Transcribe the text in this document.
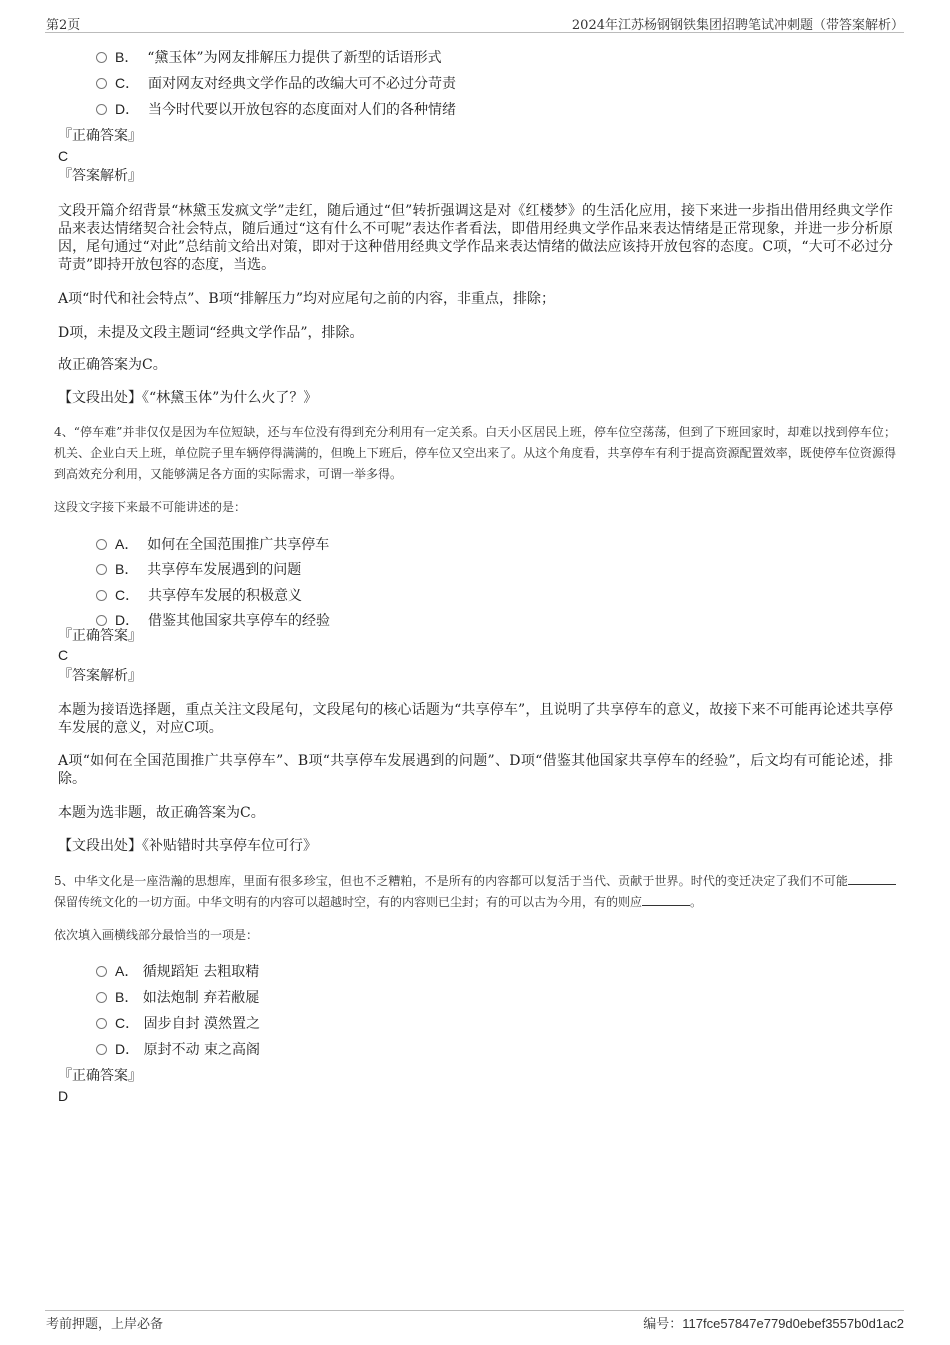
第2页	2024年江苏杨钢钢铁集团招聘笔试冲刺题（带答案解析）
B． “黛玉体”为网友排解压力提供了新型的话语形式
C． 面对网友对经典文学作品的改编大可不必过分苛责
D． 当今时代要以开放包容的态度面对人们的各种情绪
『正确答案』
C
『答案解析』
文段开篇介绍背景“林黛玉发疯文学”走红，随后通过“但”转折强调这是对《红楼梦》的生活化应用，接下来进一步指出借用经典文学作品来表达情绪契合社会特点，随后通过“这有什么不可呢”表达作者看法，即借用经典文学作品来表达情绪是正常现象，并进一步分析原因，尾句通过“对此”总结前文给出对策，即对于这种借用经典文学作品来表达情绪的做法应该持开放包容的态度。C项，“大可不必过分苛责”即持开放包容的态度，当选。
A项“时代和社会特点”、B项“排解压力”均对应尾句之前的内容，非重点，排除；
D项，未提及文段主题词“经典文学作品”，排除。
故正确答案为C。
【文段出处】《“林黛玉体”为什么火了？》
4、“停车难”并非仅仅是因为车位短缺，还与车位没有得到充分利用有一定关系。白天小区居民上班，停车位空荡荡，但到了下班回家时，却难以找到停车位；机关、企业白天上班，单位院子里车辆停得满满的，但晚上下班后，停车位又空出来了。从这个角度看，共享停车有利于提高资源配置效率，既使停车位资源得到高效充分利用，又能够满足各方面的实际需求，可谓一举多得。
这段文字接下来最不可能讲述的是：
A． 如何在全国范围推广共享停车
B． 共享停车发展遇到的问题
C． 共享停车发展的积极意义
D． 借鉴其他国家共享停车的经验
『正确答案』
C
『答案解析』
本题为接语选择题，重点关注文段尾句，文段尾句的核心话题为“共享停车”，且说明了共享停车的意义，故接下来不可能再论述共享停车发展的意义，对应C项。
A项“如何在全国范围推广共享停车”、B项“共享停车发展遇到的问题”、D项“借鉴其他国家共享停车的经验”，后文均有可能论述，排除。
本题为选非题，故正确答案为C。
【文段出处】《补贴错时共享停车位可行》
5、中华文化是一座浩瀚的思想库，里面有很多珍宝，但也不乏糟粕，不是所有的内容都可以复活于当代、贡献于世界。时代的变迁决定了我们不可能保留传统文化的一切方面。中华文明有的内容可以超越时空，有的内容则已尘封；有的可以古为今用，有的则应	。
依次填入画横线部分最恰当的一项是：
A． 循规蹈矩 去粗取精
B． 如法炮制 弃若敝屣
C． 固步自封 漠然置之
D． 原封不动 束之高阁
『正确答案』
D
考前押题，上岸必备	编号：117fce57847e779d0ebef3557b0d1ac2
